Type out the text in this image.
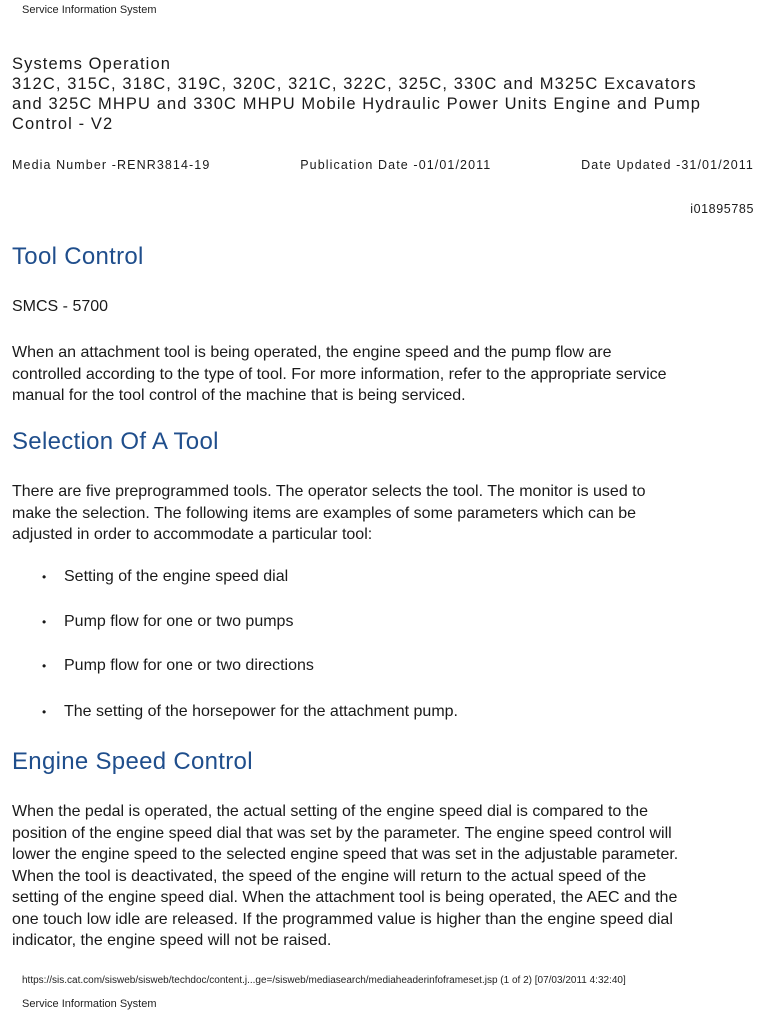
Service Information System
Systems Operation
312C, 315C, 318C, 319C, 320C, 321C, 322C, 325C, 330C and M325C Excavators
and 325C MHPU and 330C MHPU Mobile Hydraulic Power Units Engine and Pump
Control - V2
Media Number -RENR3814-19	Publication Date -01/01/2011	Date Updated -31/01/2011
i01895785
Tool Control
SMCS - 5700
When an attachment tool is being operated, the engine speed and the pump flow are
controlled according to the type of tool. For more information, refer to the appropriate service
manual for the tool control of the machine that is being serviced.
Selection Of A Tool
There are five preprogrammed tools. The operator selects the tool. The monitor is used to
make the selection. The following items are examples of some parameters which can be
adjusted in order to accommodate a particular tool:
•	Setting of the engine speed dial
•	Pump flow for one or two pumps
•	Pump flow for one or two directions
•	The setting of the horsepower for the attachment pump.
Engine Speed Control
When the pedal is operated, the actual setting of the engine speed dial is compared to the
position of the engine speed dial that was set by the parameter. The engine speed control will
lower the engine speed to the selected engine speed that was set in the adjustable parameter.
When the tool is deactivated, the speed of the engine will return to the actual speed of the
setting of the engine speed dial. When the attachment tool is being operated, the AEC and the
one touch low idle are released. If the programmed value is higher than the engine speed dial
indicator, the engine speed will not be raised.
https://sis.cat.com/sisweb/sisweb/techdoc/content.j...ge=/sisweb/mediasearch/mediaheaderinfoframeset.jsp (1 of 2) [07/03/2011 4:32:40]
Service Information System
